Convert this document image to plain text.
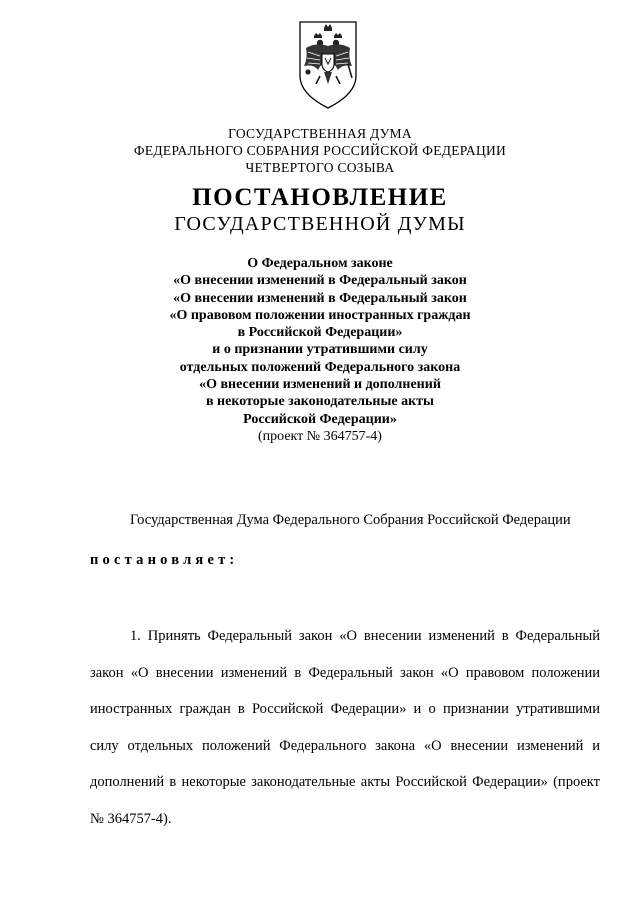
ГОСУДАРСТВЕННАЯ ДУМА
ФЕДЕРАЛЬНОГО СОБРАНИЯ РОССИЙСКОЙ ФЕДЕРАЦИИ
ЧЕТВЕРТОГО СОЗЫВА
ПОСТАНОВЛЕНИЕ
ГОСУДАРСТВЕННОЙ ДУМЫ
О Федеральном законе
«О внесении изменений в Федеральный закон
«О внесении изменений в Федеральный закон
«О правовом положении иностранных граждан
в Российской Федерации»
и о признании утратившими силу
отдельных положений Федерального закона
«О внесении изменений и дополнений
в некоторые законодательные акты
Российской Федерации»
(проект № 364757-4)
Государственная Дума Федерального Собрания Российской Федерации
постановляет:
1. Принять Федеральный закон «О внесении изменений в Федеральный закон «О внесении изменений в Федеральный закон «О правовом положении иностранных граждан в Российской Федерации» и о признании утратившими силу отдельных положений Федерального закона «О внесении изменений и дополнений в некоторые законодательные акты Российской Федерации» (проект № 364757-4).
